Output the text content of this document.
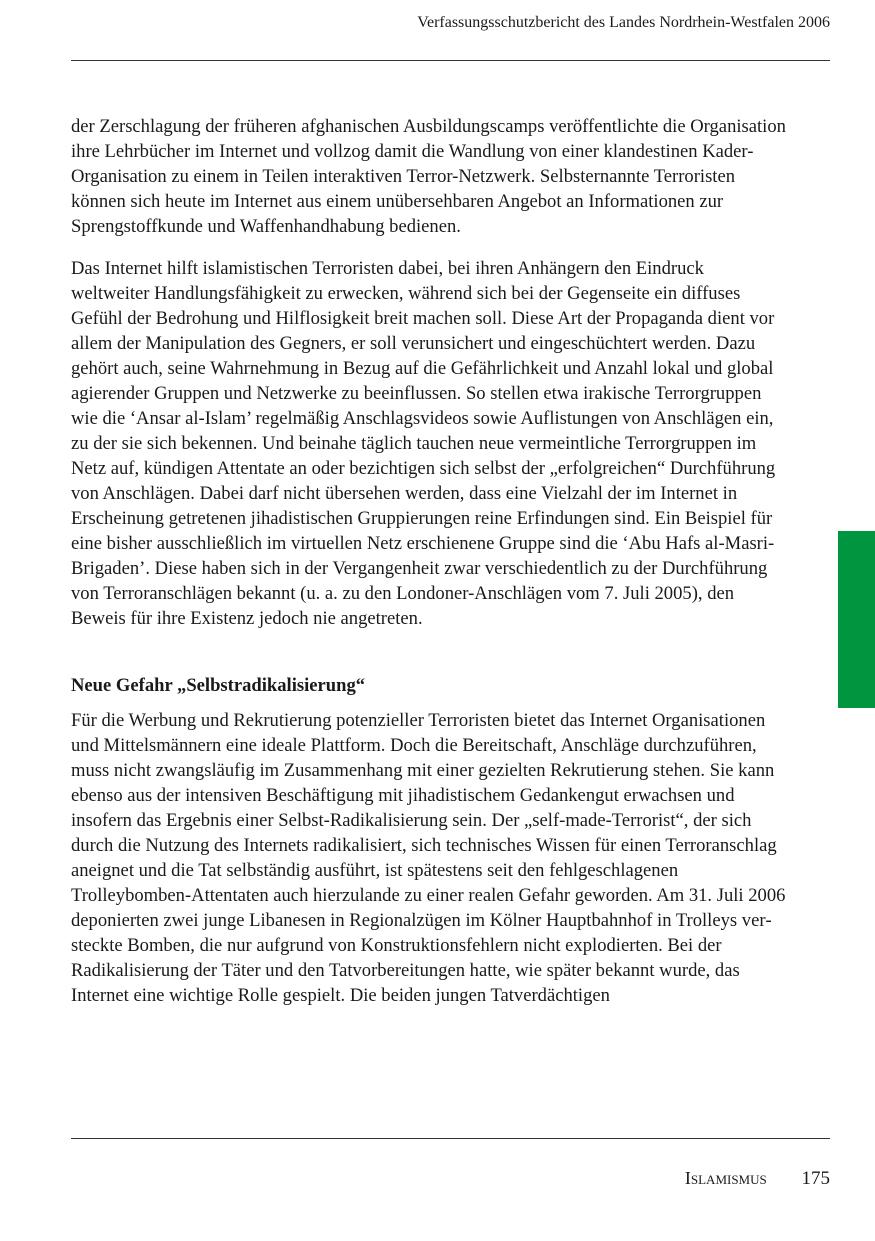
Verfassungsschutzbericht des Landes Nordrhein-Westfalen 2006

der Zerschlagung der früheren afghanischen Ausbildungscamps veröffentlichte die Organisation ihre Lehrbücher im Internet und vollzog damit die Wandlung von einer klandestinen Kader-Organisation zu einem in Teilen interaktiven Terror-Netzwerk. Selbsternannte Terroristen können sich heute im Internet aus einem unübersehbaren Angebot an Informationen zur Sprengstoffkunde und Waffenhandhabung bedienen.

Das Internet hilft islamistischen Terroristen dabei, bei ihren Anhängern den Eindruck weltweiter Handlungsfähigkeit zu erwecken, während sich bei der Gegenseite ein diffuses Gefühl der Bedrohung und Hilflosigkeit breit machen soll. Diese Art der Propaganda dient vor allem der Manipulation des Gegners, er soll verunsichert und eingeschüchtert werden. Dazu gehört auch, seine Wahrnehmung in Bezug auf die Gefährlichkeit und Anzahl lokal und global agierender Gruppen und Netzwerke zu beeinflussen. So stellen etwa irakische Terrorgruppen wie die ‘Ansar al-Islam’ regelmäßig Anschlagsvideos sowie Auflistungen von Anschlägen ein, zu der sie sich bekennen. Und beinahe täglich tauchen neue vermeintliche Terrorgruppen im Netz auf, kündigen Attentate an oder bezichtigen sich selbst der „erfolgreichen“ Durchführung von Anschlägen. Dabei darf nicht übersehen werden, dass eine Vielzahl der im Internet in Erscheinung getretenen jihadistischen Gruppierungen reine Erfindungen sind. Ein Beispiel für eine bisher ausschließlich im virtuellen Netz erschienene Gruppe sind die ‘Abu Hafs al-Masri-Brigaden’. Diese haben sich in der Vergangenheit zwar verschiedentlich zu der Durchführung von Terroranschlägen bekannt (u. a. zu den Londoner-Anschlägen vom 7. Juli 2005), den Beweis für ihre Existenz jedoch nie angetreten.

Neue Gefahr „Selbstradikalisierung“

Für die Werbung und Rekrutierung potenzieller Terroristen bietet das Internet Organisationen und Mittelsmännern eine ideale Plattform. Doch die Bereitschaft, Anschläge durchzuführen, muss nicht zwangsläufig im Zusammenhang mit einer gezielten Rekrutierung stehen. Sie kann ebenso aus der intensiven Beschäftigung mit jihadistischem Gedankengut erwachsen und insofern das Ergebnis einer Selbst-Radikalisierung sein. Der „self-made-Terrorist“, der sich durch die Nutzung des Internets radikalisiert, sich technisches Wissen für einen Terroranschlag aneignet und die Tat selbständig ausführt, ist spätestens seit den fehlgeschlagenen Trolleybomben-Attentaten auch hierzulande zu einer realen Gefahr geworden. Am 31. Juli 2006 deponierten zwei junge Libanesen in Regionalzügen im Kölner Hauptbahnhof in Trolleys versteckte Bomben, die nur aufgrund von Konstruktionsfehlern nicht explodierten. Bei der Radikalisierung der Täter und den Tatvorbereitungen hatte, wie später bekannt wurde, das Internet eine wichtige Rolle gespielt. Die beiden jungen Tatverdächtigen

Islamismus 175
